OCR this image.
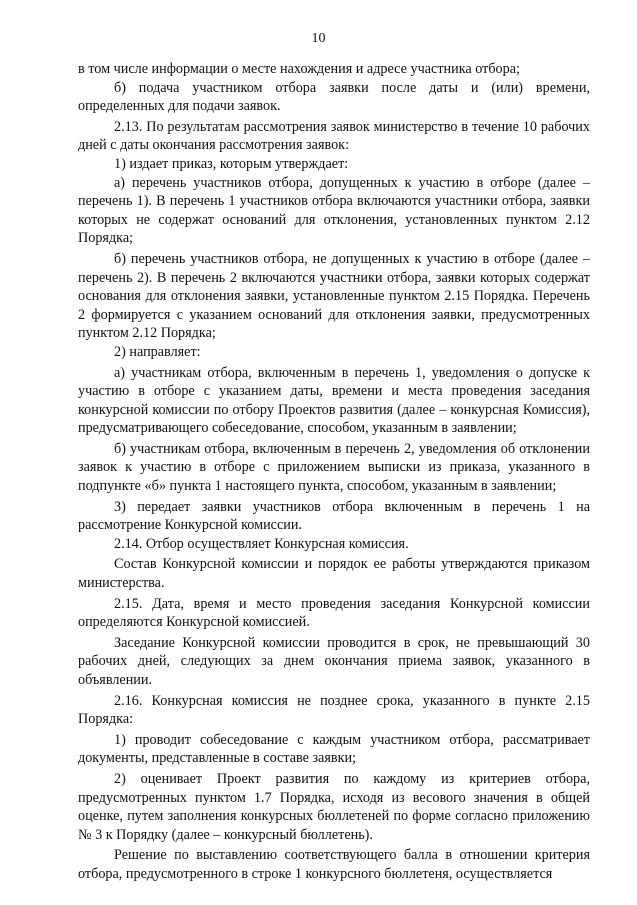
10

в том числе информации о месте нахождения и адресе участника отбора;

б) подача участником отбора заявки после даты и (или) времени, определенных для подачи заявок.

2.13. По результатам рассмотрения заявок министерство в течение 10 рабочих дней с даты окончания рассмотрения заявок:

1) издает приказ, которым утверждает:

а) перечень участников отбора, допущенных к участию в отборе (далее – перечень 1). В перечень 1 участников отбора включаются участники отбора, заявки которых не содержат оснований для отклонения, установленных пунктом 2.12 Порядка;

б) перечень участников отбора, не допущенных к участию в отборе (далее – перечень 2). В перечень 2 включаются участники отбора, заявки которых содержат основания для отклонения заявки, установленные пунктом 2.15 Порядка. Перечень 2 формируется с указанием оснований для отклонения заявки, предусмотренных пунктом 2.12 Порядка;

2) направляет:

а) участникам отбора, включенным в перечень 1, уведомления о допуске к участию в отборе с указанием даты, времени и места проведения заседания конкурсной комиссии по отбору Проектов развития (далее – конкурсная Комиссия), предусматривающего собеседование, способом, указанным в заявлении;

б) участникам отбора, включенным в перечень 2, уведомления об отклонении заявок к участию в отборе с приложением выписки из приказа, указанного в подпункте «б» пункта 1 настоящего пункта, способом, указанным в заявлении;

3) передает заявки участников отбора включенным в перечень 1 на рассмотрение Конкурсной комиссии.

2.14. Отбор осуществляет Конкурсная комиссия.

Состав Конкурсной комиссии и порядок ее работы утверждаются приказом министерства.

2.15. Дата, время и место проведения заседания Конкурсной комиссии определяются Конкурсной комиссией.

Заседание Конкурсной комиссии проводится в срок, не превышающий 30 рабочих дней, следующих за днем окончания приема заявок, указанного в объявлении.

2.16. Конкурсная комиссия не позднее срока, указанного в пункте 2.15 Порядка:

1) проводит собеседование с каждым участником отбора, рассматривает документы, представленные в составе заявки;

2) оценивает Проект развития по каждому из критериев отбора, предусмотренных пунктом 1.7 Порядка, исходя из весового значения в общей оценке, путем заполнения конкурсных бюллетеней по форме согласно приложению № 3 к Порядку (далее – конкурсный бюллетень).

Решение по выставлению соответствующего балла в отношении критерия отбора, предусмотренного в строке 1 конкурсного бюллетеня, осуществляется
